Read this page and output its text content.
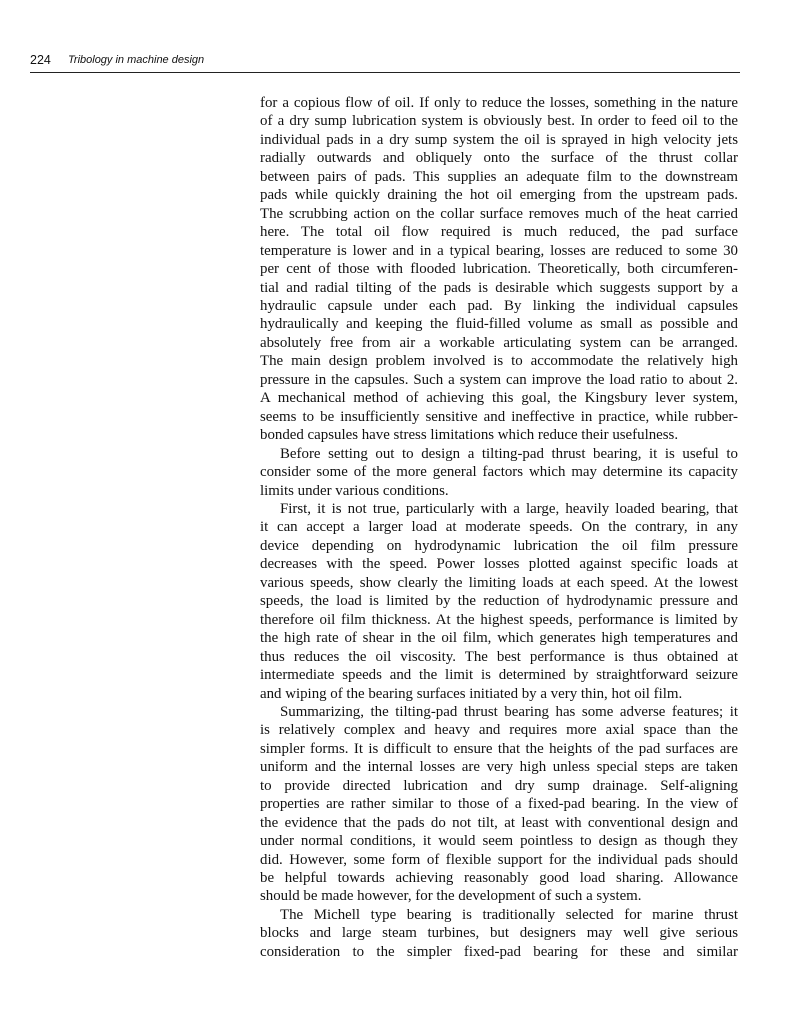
224 Tribology in machine design
for a copious flow of oil. If only to reduce the losses, something in the nature
of a dry sump lubrication system is obviously best. In order to feed oil to the
individual pads in a dry sump system the oil is sprayed in high velocity jets
radially outwards and obliquely onto the surface of the thrust collar
between pairs of pads. This supplies an adequate film to the downstream
pads while quickly draining the hot oil emerging from the upstream pads.
The scrubbing action on the collar surface removes much of the heat carried
here. The total oil flow required is much reduced, the pad surface
temperature is lower and in a typical bearing, losses are reduced to some 30
per cent of those with flooded lubrication. Theoretically, both circumferen-
tial and radial tilting of the pads is desirable which suggests support by a
hydraulic capsule under each pad. By linking the individual capsules
hydraulically and keeping the fluid-filled volume as small as possible and
absolutely free from air a workable articulating system can be arranged.
The main design problem involved is to accommodate the relatively high
pressure in the capsules. Such a system can improve the load ratio to about 2.
A mechanical method of achieving this goal, the Kingsbury lever system,
seems to be insufficiently sensitive and ineffective in practice, while rubber-
bonded capsules have stress limitations which reduce their usefulness.
Before setting out to design a tilting-pad thrust bearing, it is useful to
consider some of the more general factors which may determine its capacity
limits under various conditions.
First, it is not true, particularly with a large, heavily loaded bearing, that
it can accept a larger load at moderate speeds. On the contrary, in any
device depending on hydrodynamic lubrication the oil film pressure
decreases with the speed. Power losses plotted against specific loads at
various speeds, show clearly the limiting loads at each speed. At the lowest
speeds, the load is limited by the reduction of hydrodynamic pressure and
therefore oil film thickness. At the highest speeds, performance is limited by
the high rate of shear in the oil film, which generates high temperatures and
thus reduces the oil viscosity. The best performance is thus obtained at
intermediate speeds and the limit is determined by straightforward seizure
and wiping of the bearing surfaces initiated by a very thin, hot oil film.
Summarizing, the tilting-pad thrust bearing has some adverse features; it
is relatively complex and heavy and requires more axial space than the
simpler forms. It is difficult to ensure that the heights of the pad surfaces are
uniform and the internal losses are very high unless special steps are taken
to provide directed lubrication and dry sump drainage. Self-aligning
properties are rather similar to those of a fixed-pad bearing. In the view of
the evidence that the pads do not tilt, at least with conventional design and
under normal conditions, it would seem pointless to design as though they
did. However, some form of flexible support for the individual pads should
be helpful towards achieving reasonably good load sharing. Allowance
should be made however, for the development of such a system.
The Michell type bearing is traditionally selected for marine thrust
blocks and large steam turbines, but designers may well give serious
consideration to the simpler fixed-pad bearing for these and similar
